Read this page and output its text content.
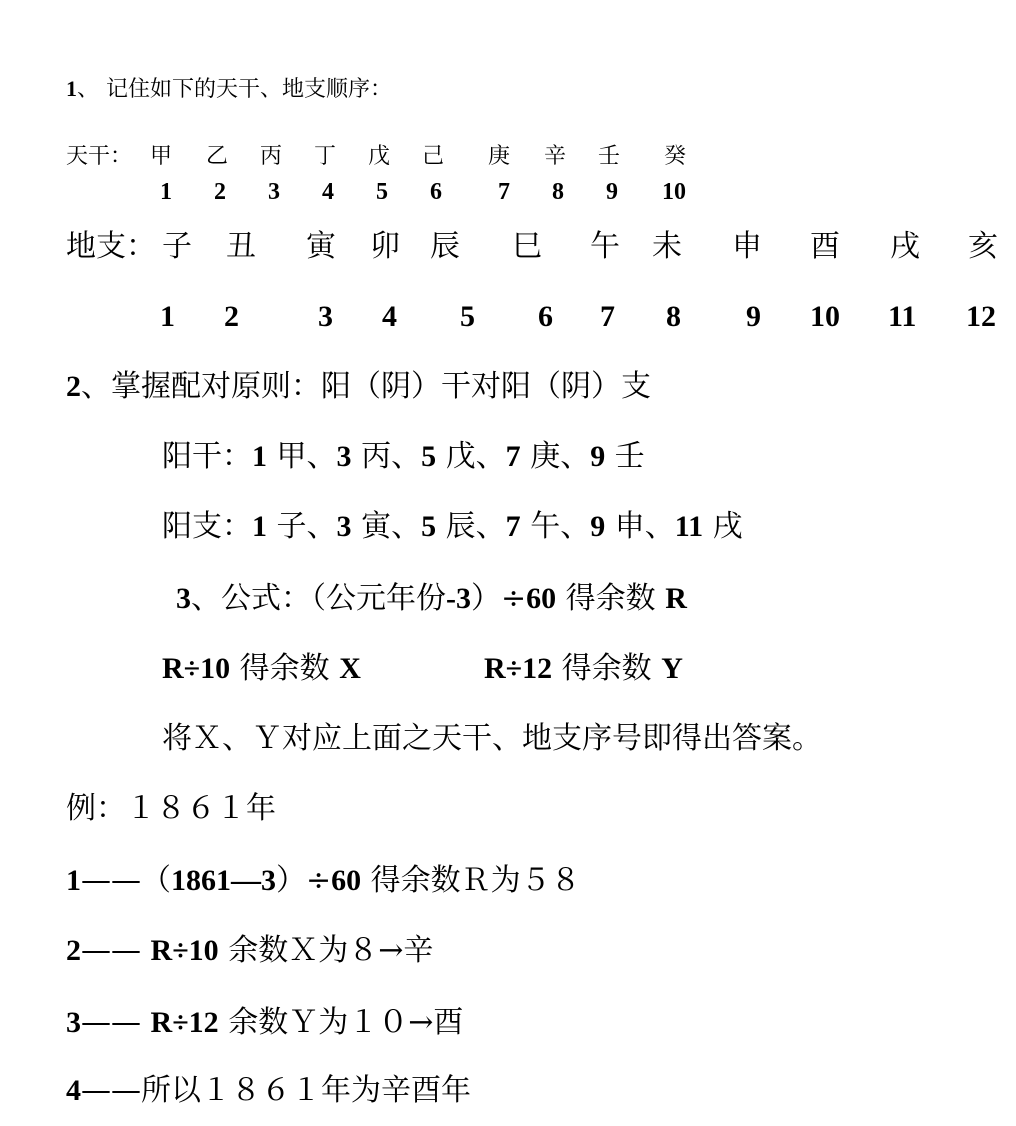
1、 记住如下的天干、地支顺序：
天干： 甲 乙 丙 丁 戊 己 庚 辛 壬 癸
1 2 3 4 5 6 7 8 9 10
地支： 子 丑 寅 卯 辰 巳 午 未 申 酉 戌 亥
1 2	3 4 5 6 7 8 9 10 11 12
2、掌握配对原则：阳（阴）干对阳（阴）支
阳干：1 甲、3 丙、5 戊、7 庚、9 壬
阳支：1 子、3 寅、5 辰、7 午、9 申、11 戌
3、公式：（公元年份-3）÷60 得余数 R
R÷10 得余数 X	R÷12 得余数 Y
将Ｘ、Ｙ对应上面之天干、地支序号即得出答案。
例：１８６１年
1——（1861—3）÷60 得余数Ｒ为５８
2—— R÷10 余数Ｘ为８→辛
3—— R÷12 余数Ｙ为１０→酉
4——所以１８６１年为辛酉年
